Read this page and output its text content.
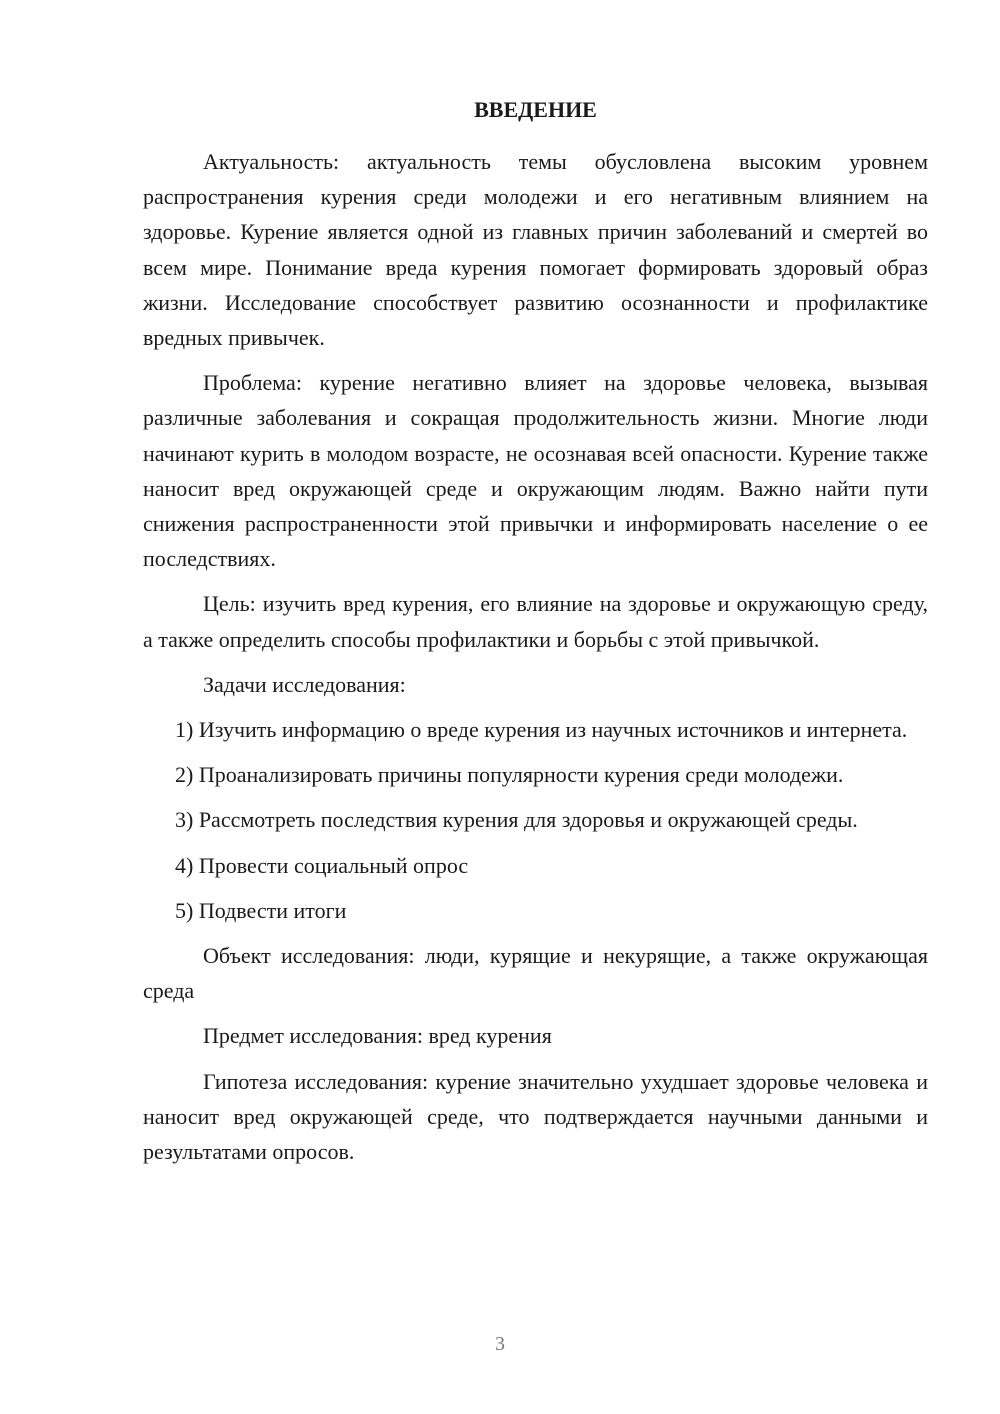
ВВЕДЕНИЕ

Актуальность: актуальность темы обусловлена высоким уровнем распространения курения среди молодежи и его негативным влиянием на здоровье. Курение является одной из главных причин заболеваний и смертей во всем мире. Понимание вреда курения помогает формировать здоровый образ жизни. Исследование способствует развитию осознанности и профилактике вредных привычек.

Проблема: курение негативно влияет на здоровье человека, вызывая различные заболевания и сокращая продолжительность жизни. Многие люди начинают курить в молодом возрасте, не осознавая всей опасности. Курение также наносит вред окружающей среде и окружающим людям. Важно найти пути снижения распространенности этой привычки и информировать население о ее последствиях.

Цель: изучить вред курения, его влияние на здоровье и окружающую среду, а также определить способы профилактики и борьбы с этой привычкой.

Задачи исследования:

1) Изучить информацию о вреде курения из научных источников и интернета.

2) Проанализировать причины популярности курения среди молодежи.

3) Рассмотреть последствия курения для здоровья и окружающей среды.

4) Провести социальный опрос

5) Подвести итоги

Объект исследования: люди, курящие и некурящие, а также окружающая среда

Предмет исследования: вред курения

Гипотеза исследования: курение значительно ухудшает здоровье человека и наносит вред окружающей среде, что подтверждается научными данными и результатами опросов.

3
